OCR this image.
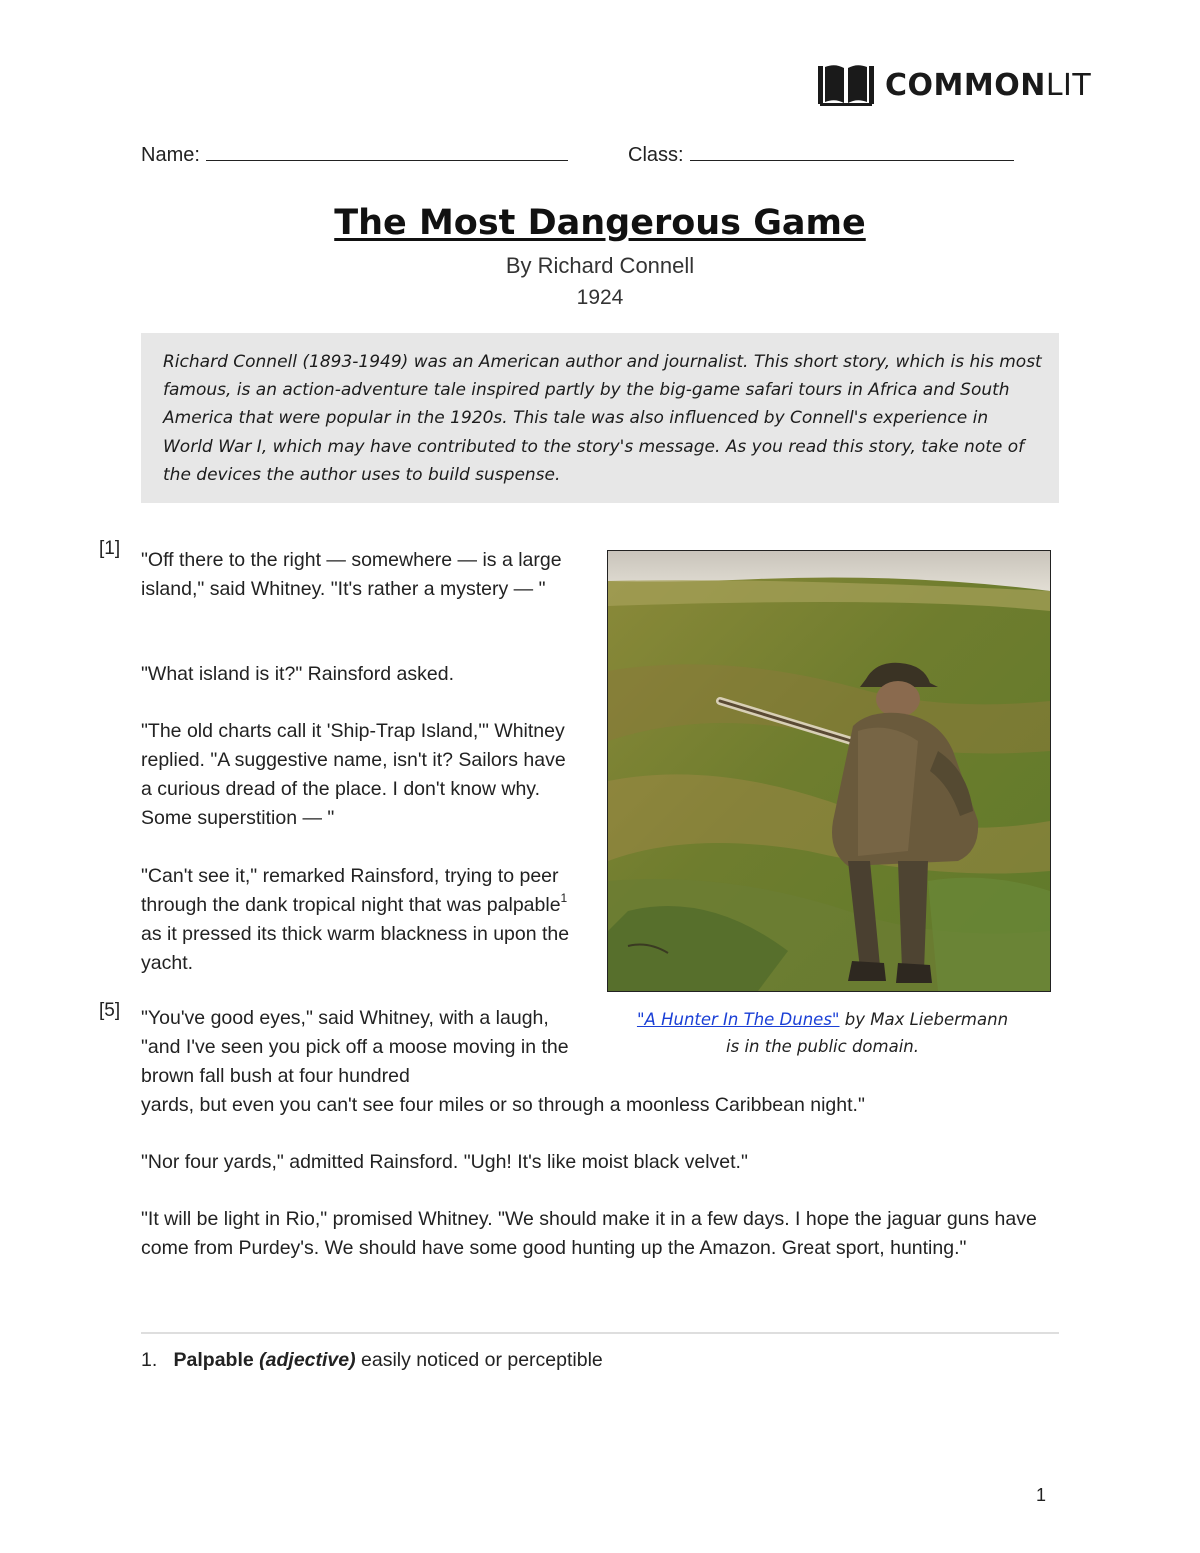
COMMONLIT
Name:	Class:
The Most Dangerous Game
By Richard Connell
1924
Richard Connell (1893-1949) was an American author and journalist. This short story, which is his most famous, is an action-adventure tale inspired partly by the big-game safari tours in Africa and South America that were popular in the 1920s. This tale was also influenced by Connell's experience in World War I, which may have contributed to the story's message. As you read this story, take note of the devices the author uses to build suspense.
[1]
[5]
"Off there to the right — somewhere — is a large island," said Whitney. "It's rather a mystery — "
"What island is it?" Rainsford asked.
"The old charts call it 'Ship-Trap Island,'" Whitney replied. "A suggestive name, isn't it? Sailors have a curious dread of the place. I don't know why. Some superstition — "
"Can't see it," remarked Rainsford, trying to peer through the dank tropical night that was palpable$^1$ as it pressed its thick warm blackness in upon the yacht.
"You've good eyes," said Whitney, with a laugh, "and I've seen you pick off a moose moving in the brown fall bush at four hundred
yards, but even you can't see four miles or so through a moonless Caribbean night."
"Nor four yards," admitted Rainsford. "Ugh! It's like moist black velvet."
"It will be light in Rio," promised Whitney. "We should make it in a few days. I hope the jaguar guns have come from Purdey's. We should have some good hunting up the Amazon. Great sport, hunting."
"A Hunter In The Dunes" by Max Liebermann
is in the public domain.
1. Palpable (adjective) easily noticed or perceptible
1
